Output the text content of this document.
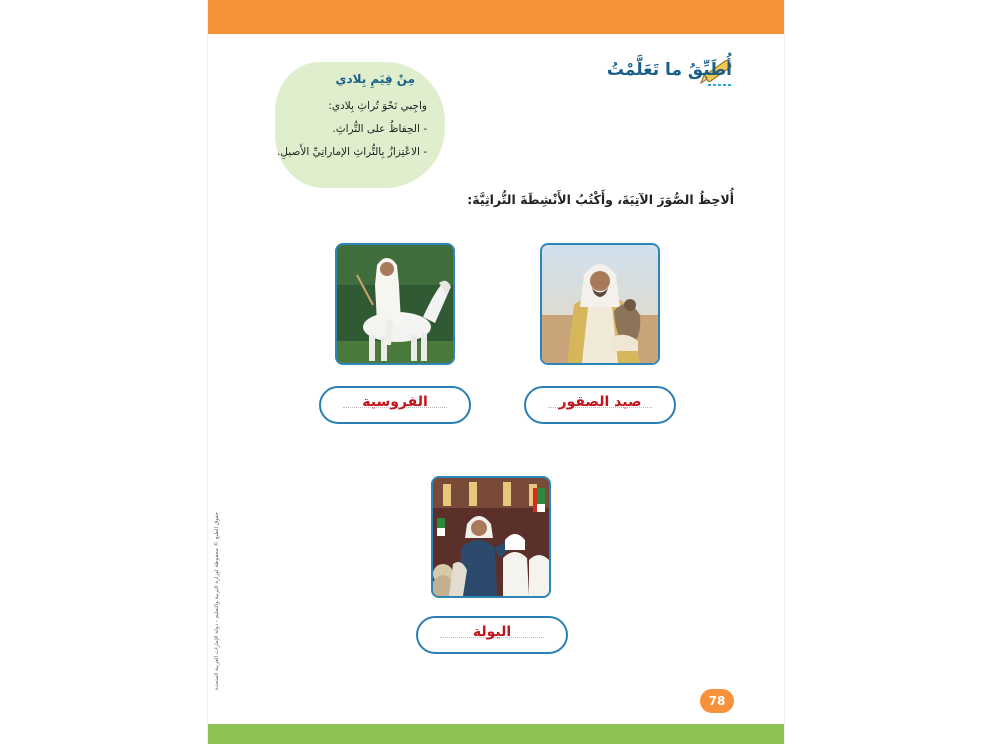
أُطَبِّقُ ما تَعَلَّمْتُ
مِنْ قِيَمِ بِلادي
واجِبي نَحْوَ تُراثِ بِلادي:
- الحِفاظُ على التُّراثِ.
- الاعْتِزازُ بِالتُّراثِ الإماراتِيِّ الأَصيلِ.
أُلاحِظُ الصُّوَرَ الآتِيَةَ، وأَكْتُبُ الأَنْشِطَةَ التُّراثِيَّةَ:
صيد الصقور
الفروسية
اليولة
حقوق الطبع © محفوظة لوزارة التربية والتعليم - دولة الإمارات العربية المتحدة
78
